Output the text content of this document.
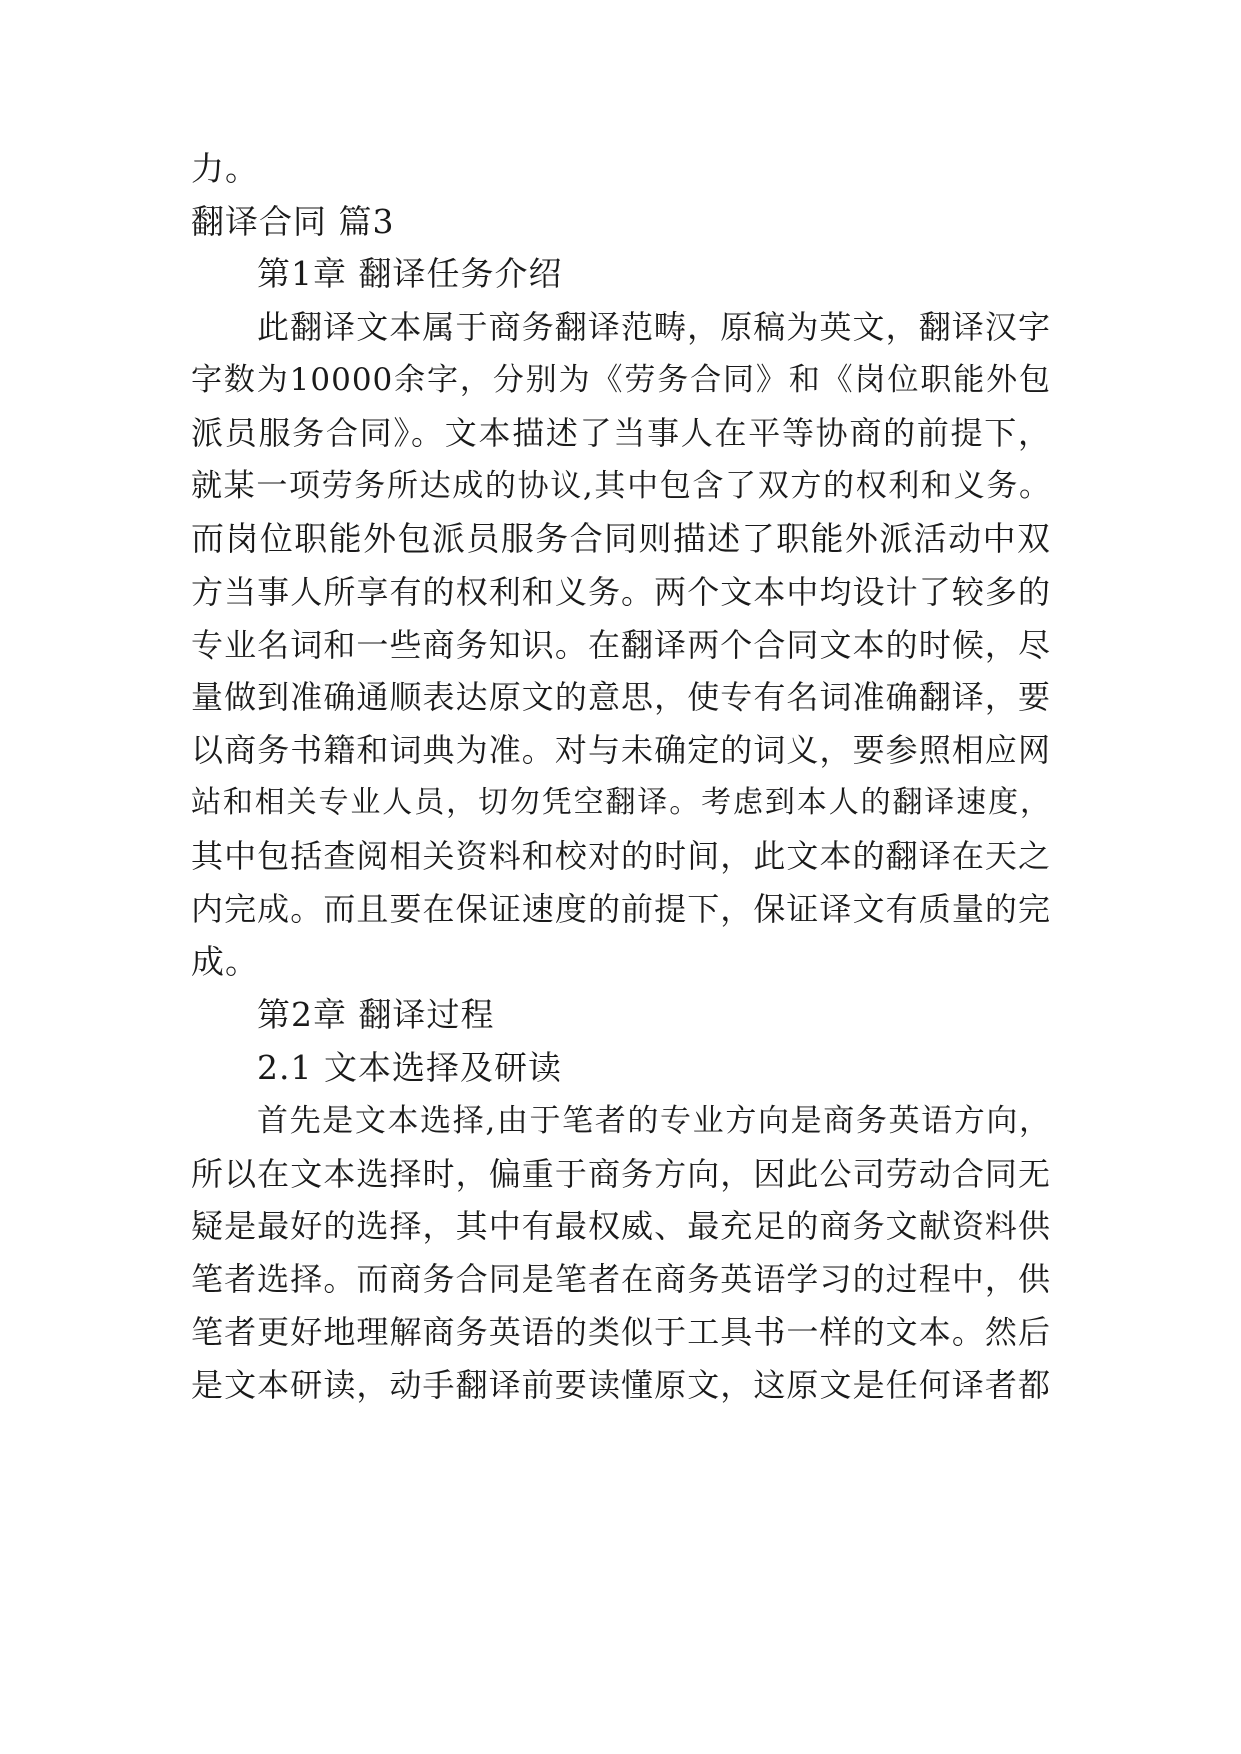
力。
翻译合同 篇3
第1章 翻译任务介绍
此翻译文本属于商务翻译范畴，原稿为英文，翻译汉字
字数为10000余字，分别为《劳务合同》和《岗位职能外包
派员服务合同》。文本描述了当事人在平等协商的前提下，
就某一项劳务所达成的协议,其中包含了双方的权利和义务。
而岗位职能外包派员服务合同则描述了职能外派活动中双
方当事人所享有的权利和义务。两个文本中均设计了较多的
专业名词和一些商务知识。在翻译两个合同文本的时候，尽
量做到准确通顺表达原文的意思，使专有名词准确翻译，要
以商务书籍和词典为准。对与未确定的词义，要参照相应网
站和相关专业人员，切勿凭空翻译。考虑到本人的翻译速度，
其中包括查阅相关资料和校对的时间，此文本的翻译在天之
内完成。而且要在保证速度的前提下，保证译文有质量的完
成。
第2章 翻译过程
2.1 文本选择及研读
首先是文本选择,由于笔者的专业方向是商务英语方向，
所以在文本选择时，偏重于商务方向，因此公司劳动合同无
疑是最好的选择，其中有最权威、最充足的商务文献资料供
笔者选择。而商务合同是笔者在商务英语学习的过程中，供
笔者更好地理解商务英语的类似于工具书一样的文本。然后
是文本研读，动手翻译前要读懂原文，这原文是任何译者都
